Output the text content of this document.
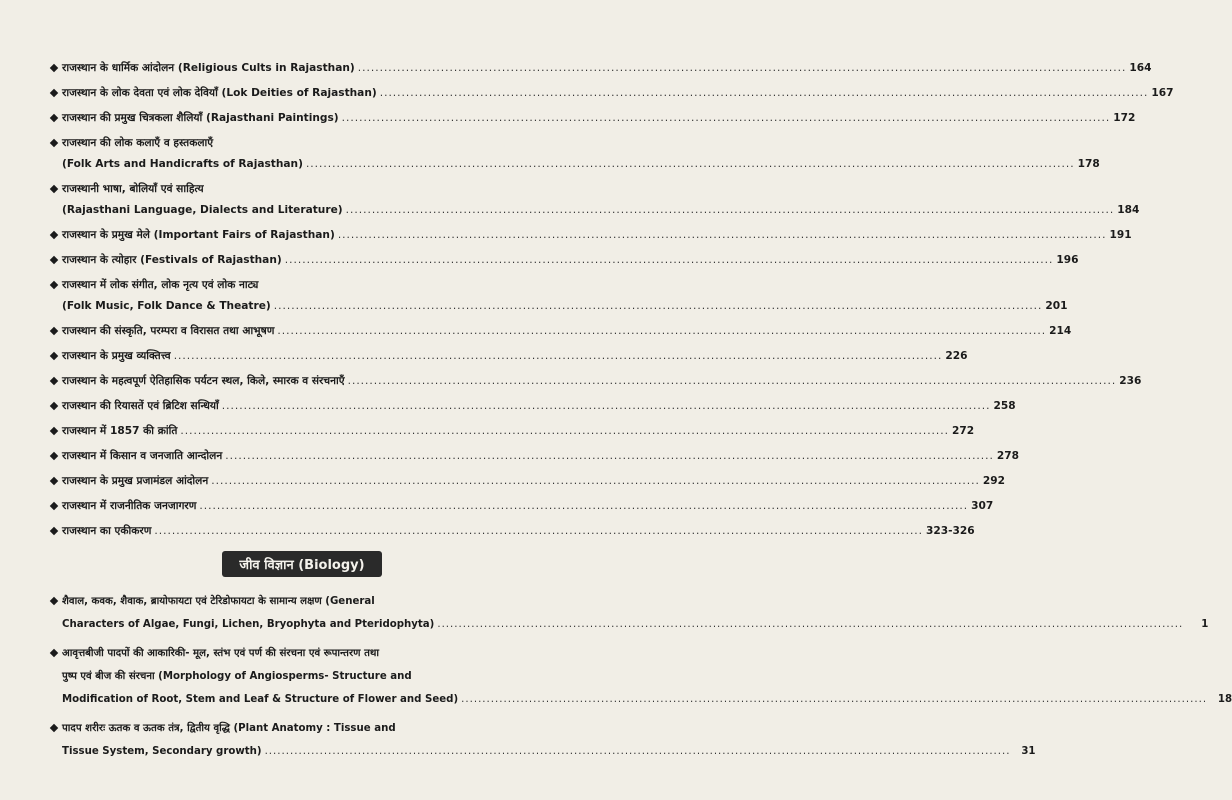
राजस्थान के धार्मिक आंदोलन (Religious Cults in Rajasthan) .....	164
राजस्थान के लोक देवता एवं लोक देवियाँ (Lok Deities of Rajasthan) .....	167
राजस्थान की प्रमुख चित्रकला शैलियाँ (Rajasthani Paintings) .....	172
राजस्थान की लोक कलाएँ व हस्तकलाएँ
(Folk Arts and Handicrafts of Rajasthan) .....	178
राजस्थानी भाषा, बोलियाँ एवं साहित्य
(Rajasthani Language, Dialects and Literature) .....	184
राजस्थान के प्रमुख मेले (Important Fairs of Rajasthan) .....	191
राजस्थान के त्योहार (Festivals of Rajasthan) .....	196
राजस्थान में लोक संगीत, लोक नृत्य एवं लोक नाट्य
(Folk Music, Folk Dance & Theatre) .....	201
राजस्थान की संस्कृति, परम्परा व विरासत तथा आभूषण .....	214
राजस्थान के प्रमुख व्यक्तित्त्व .....	226
राजस्थान के महत्वपूर्ण ऐतिहासिक पर्यटन स्थल, किले, स्मारक व संरचनाएँ .....	236
राजस्थान की रियासतें एवं ब्रिटिश सन्धियाँ .....	258
राजस्थान में 1857 की क्रांति .....	272
राजस्थान में किसान व जनजाति आन्दोलन .....	278
राजस्थान के प्रमुख प्रजामंडल आंदोलन .....	292
राजस्थान में राजनीतिक जनजागरण .....	307
राजस्थान का एकीकरण .....	323-326
जीव विज्ञान (Biology)
शैवाल, कवक, शैवाक, ब्रायोफायटा एवं टेरिडोफायटा के सामान्य लक्षण (General
Characters of Algae, Fungi, Lichen, Bryophyta and Pteridophyta) .....	1
आवृत्तबीजी पादपों की आकारिकी- मूल, स्तंभ एवं पर्ण की संरचना एवं रूपान्तरण तथा
पुष्प एवं बीज की संरचना (Morphology of Angiosperms- Structure and
Modification of Root, Stem and Leaf & Structure of Flower and Seed) .....	18
पादप शरीरः ऊतक व ऊतक तंत्र, द्वितीय वृद्धि (Plant Anatomy : Tissue and
Tissue System, Secondary growth) .....	31
